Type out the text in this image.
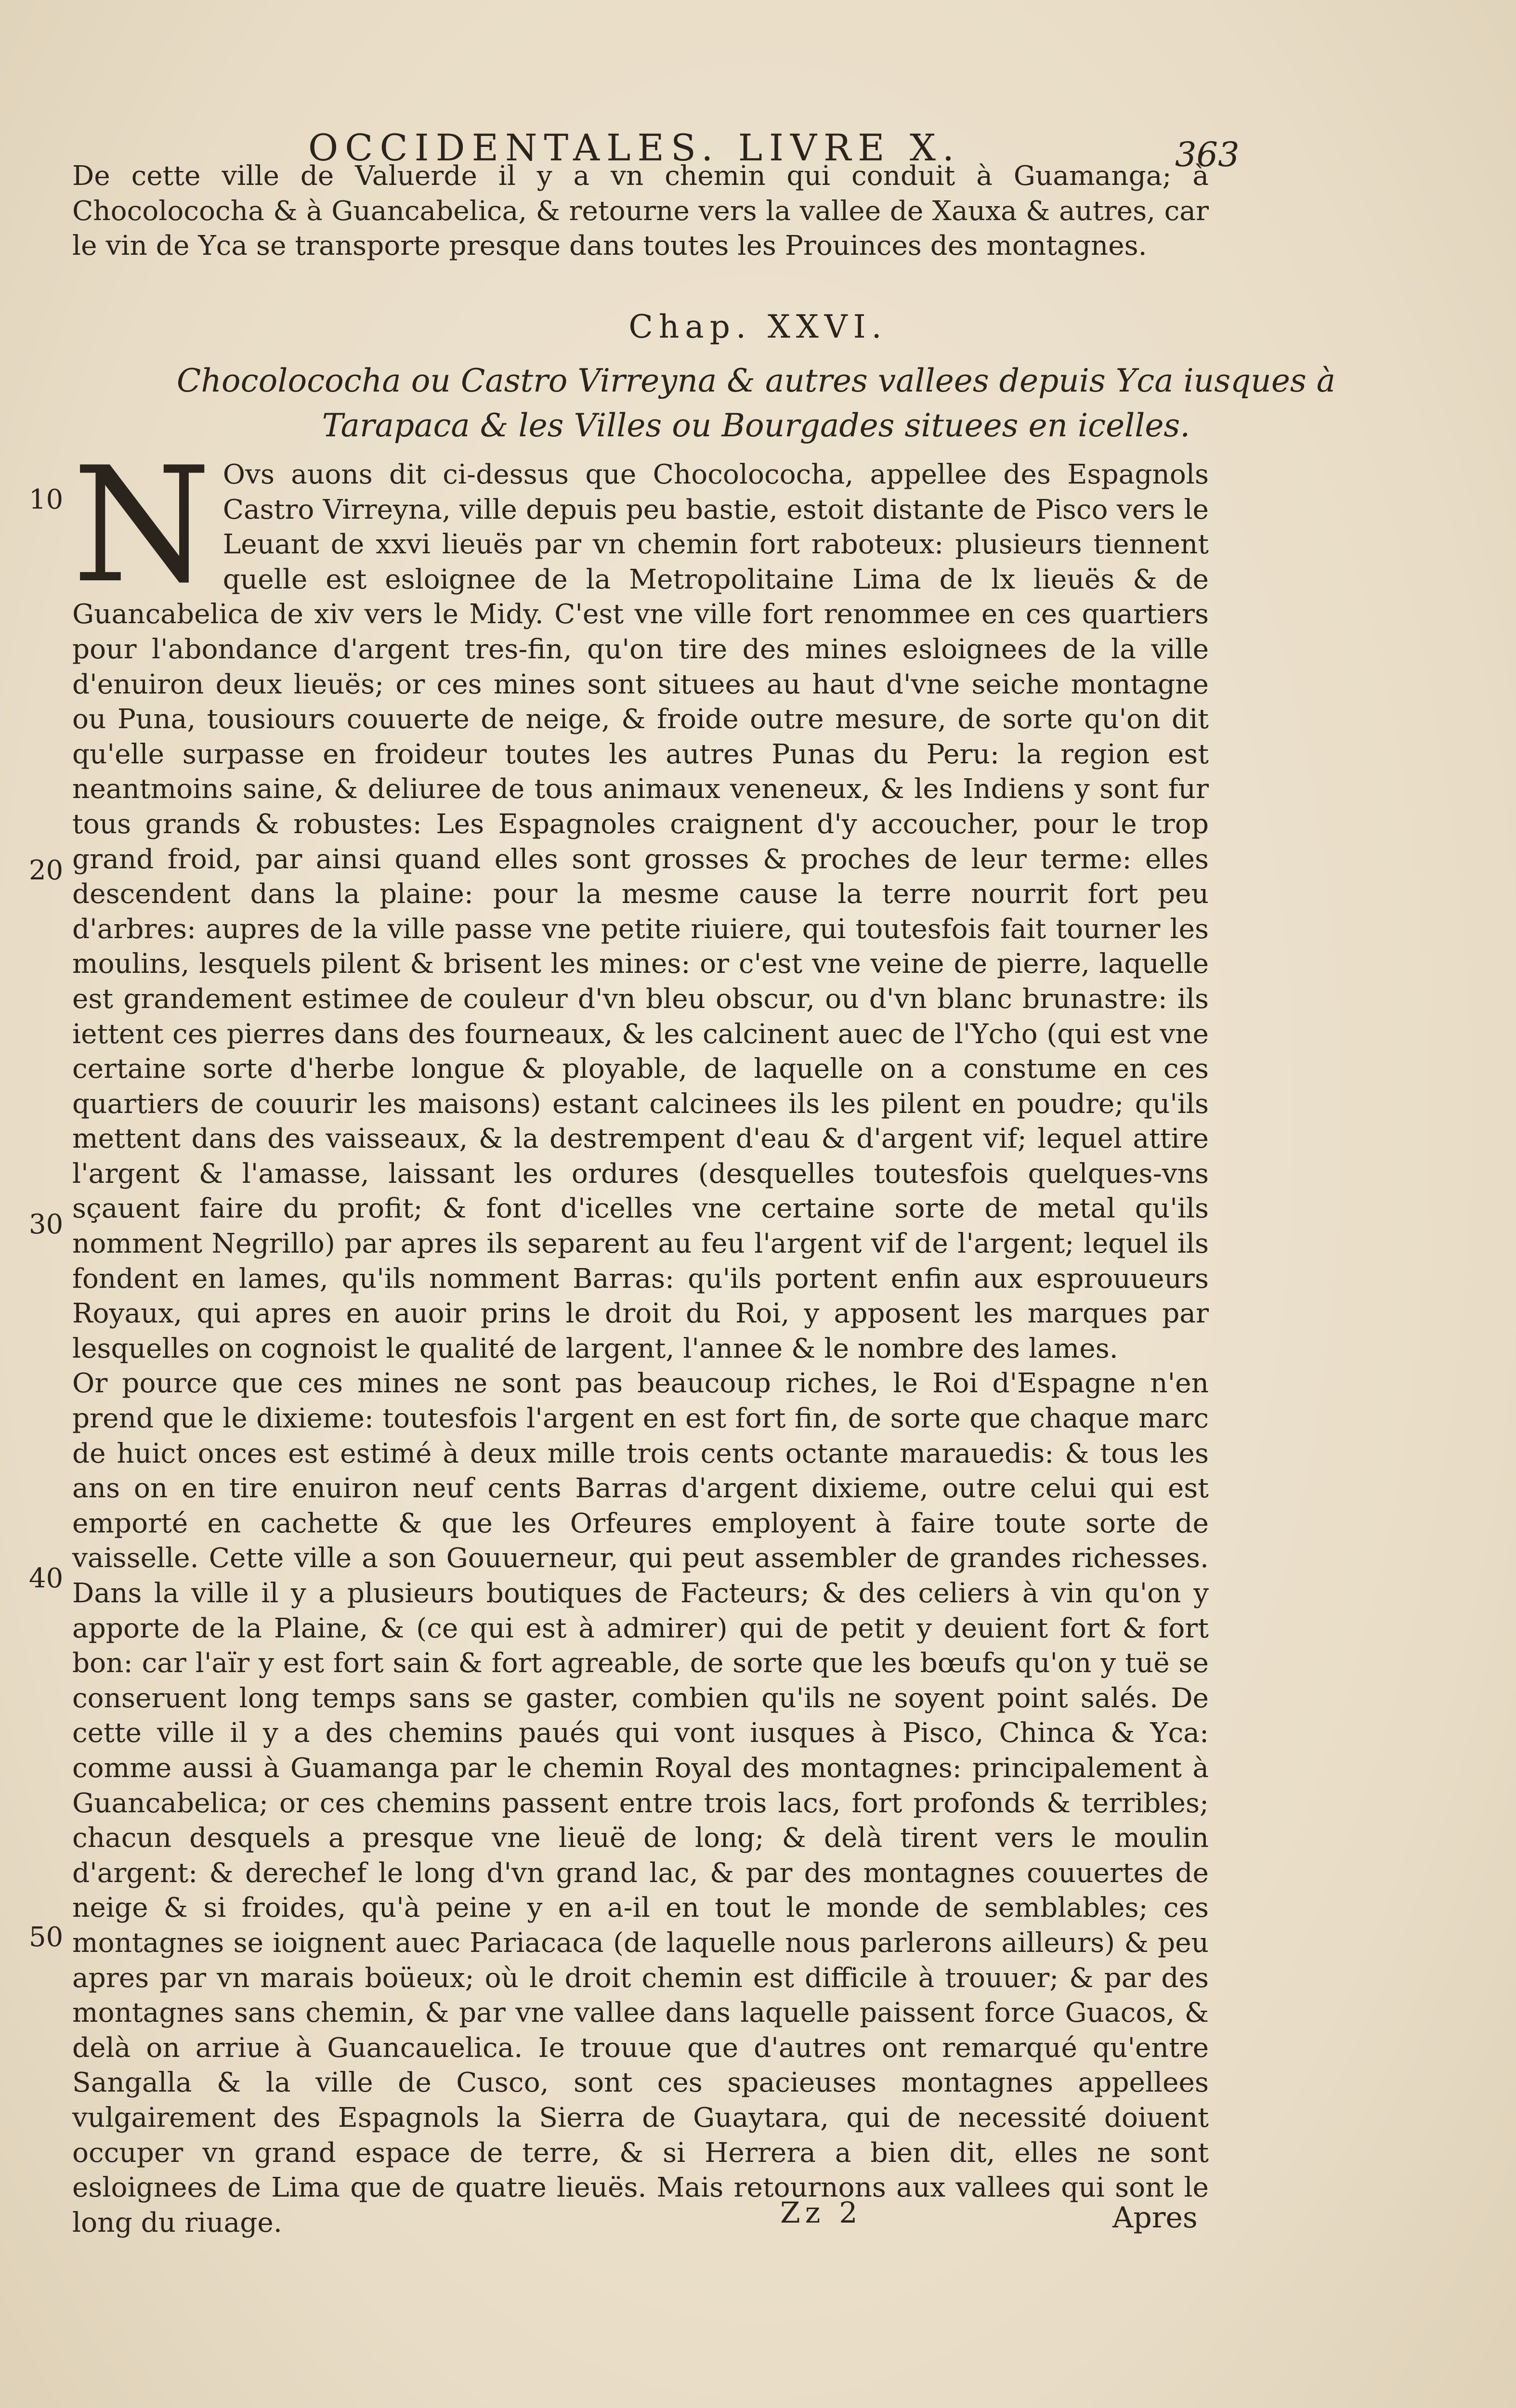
OCCIDENTALES. LIVRE X.	363

De cette ville de Valuerde il y a vn chemin qui conduit à Guamanga; à Chocolococha & à Guancabelica, & retourne vers la vallee de Xauxa & autres, car le vin de Yca se transporte presque dans toutes les Prouinces des montagnes.

Chap. XXVI.
Chocolococha ou Castro Virreyna & autres vallees depuis Yca iusques à
Tarapaca & les Villes ou Bourgades situees en icelles.
N Ovs auons dit ci-dessus que Chocolococha, appellee des Espagnols Castro Virreyna, ville depuis peu bastie, estoit distante de Pisco vers le Leuant de xxvi lieuës par vn chemin fort raboteux: plusieurs tiennent quelle est esloignee de la Metropolitaine Lima de lx lieuës & de Guancabelica de xiv vers le Midy. C'est vne ville fort renommee en ces quartiers pour l'abondance d'argent tres-fin, qu'on tire des mines esloignees de la ville d'enuiron deux lieuës; or ces mines sont situees au haut d'vne seiche montagne ou Puna, tousiours couuerte de neige, & froide outre mesure, de sorte qu'on dit qu'elle surpasse en froideur toutes les autres Punas du Peru: la region est neantmoins saine, & deliuree de tous animaux veneneux, & les Indiens y sont fur tous grands & robustes: Les Espagnoles craignent d'y accoucher, pour le trop grand froid, par ainsi quand elles sont grosses & proches de leur terme: elles descendent dans la plaine: pour la mesme cause la terre nourrit fort peu d'arbres: aupres de la ville passe vne petite riuiere, qui toutesfois fait tourner les moulins, lesquels pilent & brisent les mines: or c'est vne veine de pierre, laquelle est grandement estimee de couleur d'vn bleu obscur, ou d'vn blanc brunastre: ils iettent ces pierres dans des fourneaux, & les calcinent auec de l'Ycho (qui est vne certaine sorte d'herbe longue & ployable, de laquelle on a constume en ces quartiers de couurir les maisons) estant calcinees ils les pilent en poudre; qu'ils mettent dans des vaisseaux, & la destrempent d'eau & d'argent vif; lequel attire l'argent & l'amasse, laissant les ordures (desquelles toutesfois quelques-vns sçauent faire du profit; & font d'icelles vne certaine sorte de metal qu'ils nomment Negrillo) par apres ils separent au feu l'argent vif de l'argent; lequel ils fondent en lames, qu'ils nomment Barras: qu'ils portent enfin aux esprouueurs Royaux, qui apres en auoir prins le droit du Roi, y apposent les marques par lesquelles on cognoist le qualité de largent, l'annee & le nombre des lames.

Or pource que ces mines ne sont pas beaucoup riches, le Roi d'Espagne n'en prend que le dixieme: toutesfois l'argent en est fort fin, de sorte que chaque marc de huict onces est estimé à deux mille trois cents octante marauedis: & tous les ans on en tire enuiron neuf cents Barras d'argent dixieme, outre celui qui est emporté en cachette & que les Orfeures employent à faire toute sorte de vaisselle. Cette ville a son Gouuerneur, qui peut assembler de grandes richesses. Dans la ville il y a plusieurs boutiques de Facteurs; & des celiers à vin qu'on y apporte de la Plaine, & (ce qui est à admirer) qui de petit y deuient fort & fort bon: car l'aïr y est fort sain & fort agreable, de sorte que les bœufs qu'on y tuë se conseruent long temps sans se gaster, combien qu'ils ne soyent point salés. De cette ville il y a des chemins paués qui vont iusques à Pisco, Chinca & Yca: comme aussi à Guamanga par le chemin Royal des montagnes: principalement à Guancabelica; or ces chemins passent entre trois lacs, fort profonds & terribles; chacun desquels a presque vne lieuë de long; & delà tirent vers le moulin d'argent: & derechef le long d'vn grand lac, & par des montagnes couuertes de neige & si froides, qu'à peine y en a-il en tout le monde de semblables; ces montagnes se ioignent auec Pariacaca (de laquelle nous parlerons ailleurs) & peu apres par vn marais boüeux; où le droit chemin est difficile à trouuer; & par des montagnes sans chemin, & par vne vallee dans laquelle paissent force Guacos, & delà on arriue à Guancauelica. Ie trouue que d'autres ont remarqué qu'entre Sangalla & la ville de Cusco, sont ces spacieuses montagnes appellees vulgairement des Espagnols la Sierra de Guaytara, qui de necessité doiuent occuper vn grand espace de terre, & si Herrera a bien dit, elles ne sont esloignees de Lima que de quatre lieuës. Mais retournons aux vallees qui sont le long du riuage.

10
20
30
40
50
Zz 2	Apres
